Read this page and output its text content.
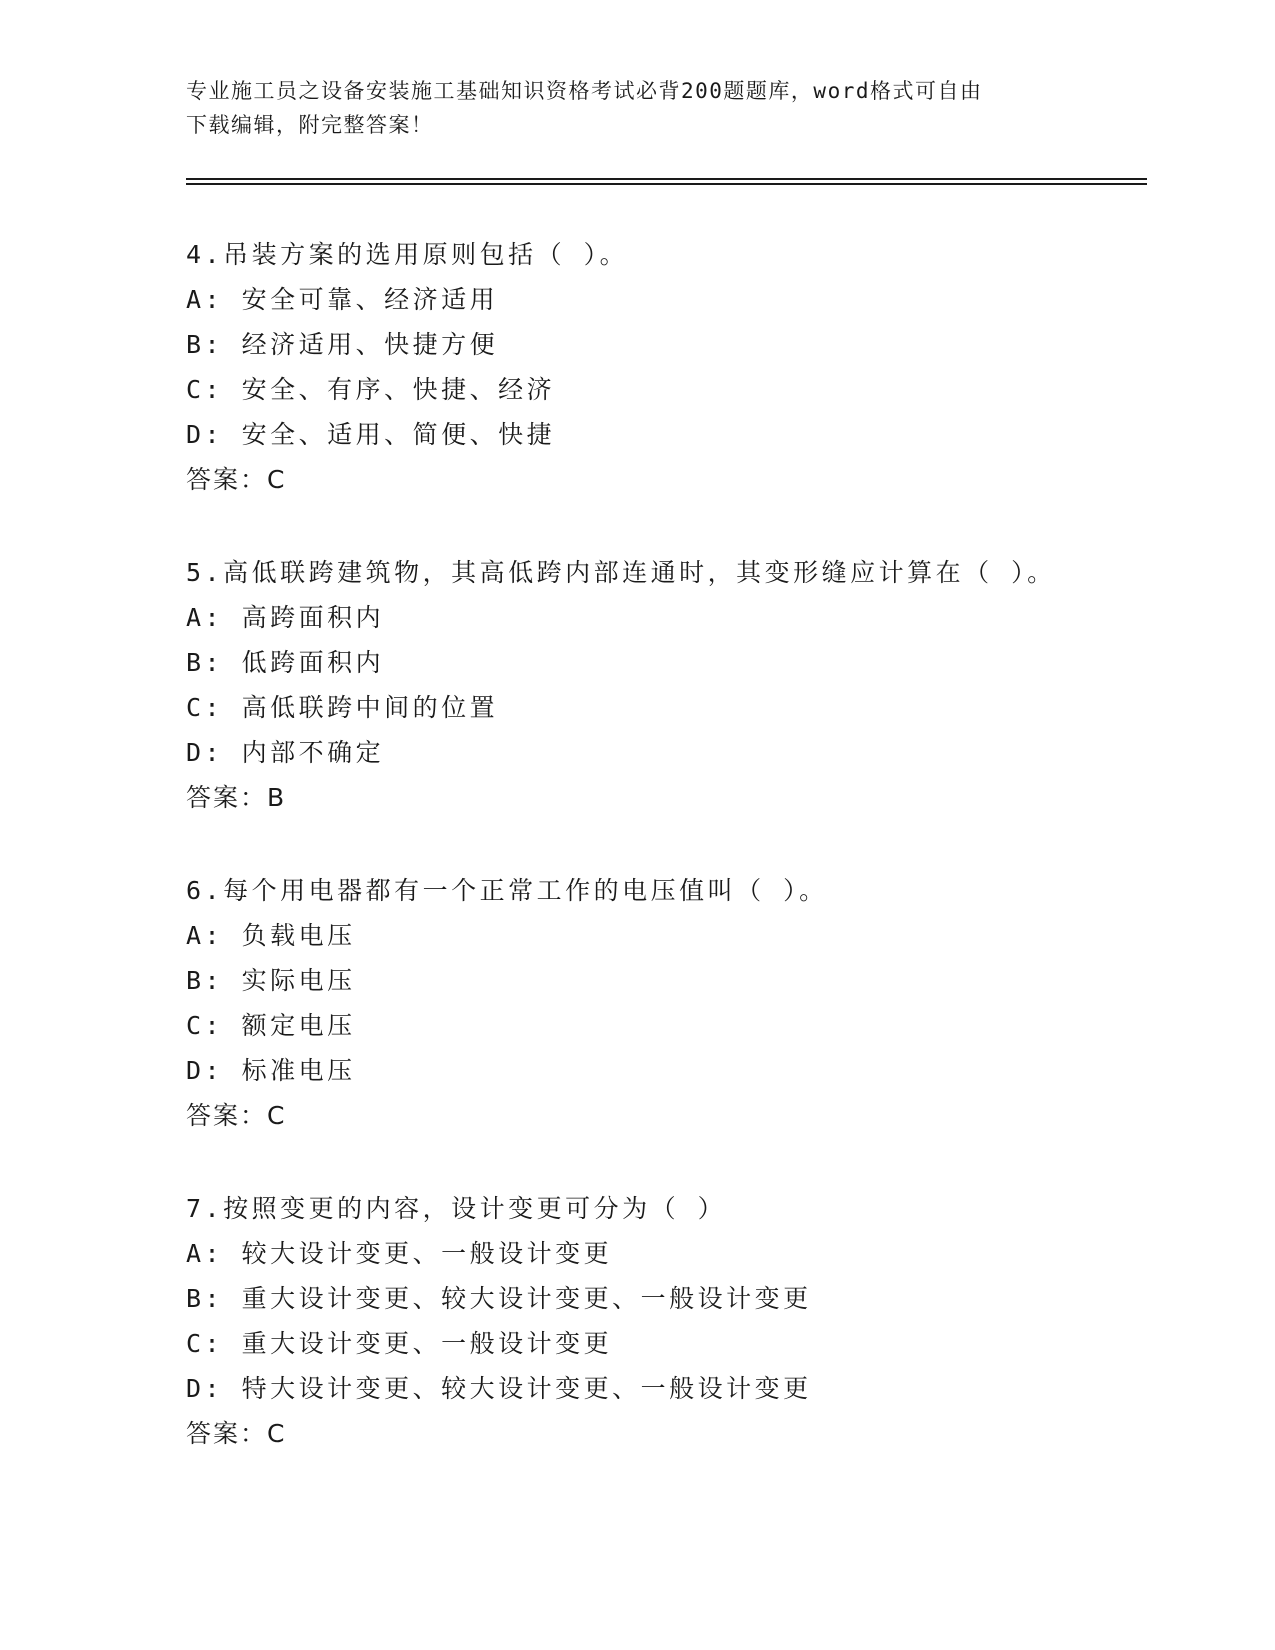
专业施工员之设备安装施工基础知识资格考试必背200题题库，word格式可自由
下载编辑，附完整答案！
4.吊装方案的选用原则包括（ ）。
A: 安全可靠、经济适用
B: 经济适用、快捷方便
C: 安全、有序、快捷、经济
D: 安全、适用、简便、快捷
答案：C
5.高低联跨建筑物，其高低跨内部连通时，其变形缝应计算在（ ）。
A: 高跨面积内
B: 低跨面积内
C: 高低联跨中间的位置
D: 内部不确定
答案：B
6.每个用电器都有一个正常工作的电压值叫（ ）。
A: 负载电压
B: 实际电压
C: 额定电压
D: 标准电压
答案：C
7.按照变更的内容，设计变更可分为（ ）
A: 较大设计变更、一般设计变更
B: 重大设计变更、较大设计变更、一般设计变更
C: 重大设计变更、一般设计变更
D: 特大设计变更、较大设计变更、一般设计变更
答案：C
